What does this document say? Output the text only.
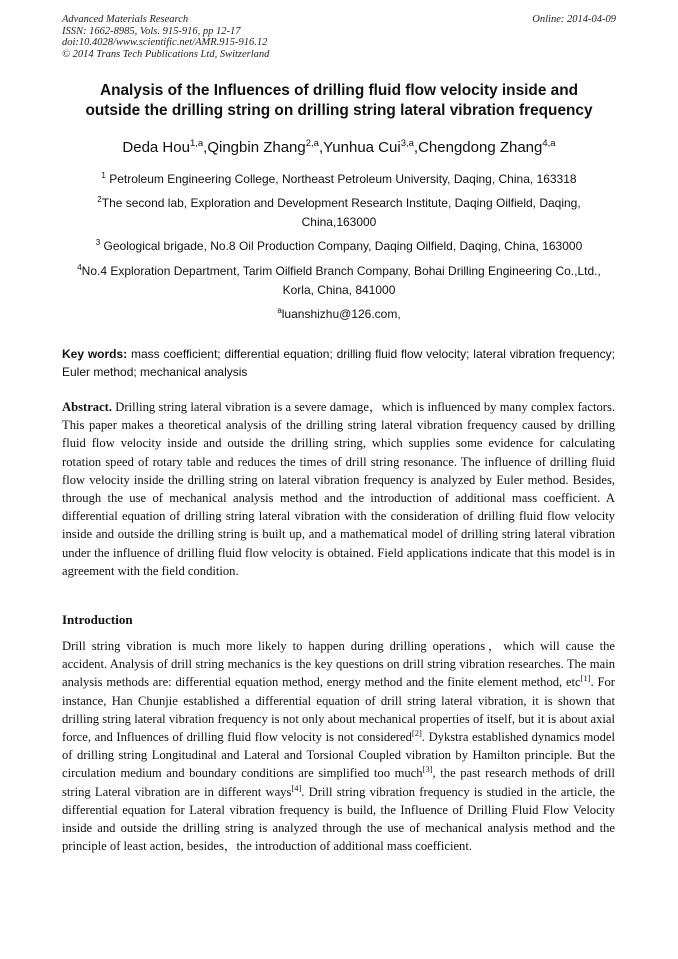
Advanced Materials Research
ISSN: 1662-8985, Vols. 915-916, pp 12-17
doi:10.4028/www.scientific.net/AMR.915-916.12
© 2014 Trans Tech Publications Ltd, Switzerland
Online: 2014-04-09
Analysis of the Influences of drilling fluid flow velocity inside and
outside the drilling string on drilling string lateral vibration frequency
Deda Hou$^{1,a}$,Qingbin Zhang$^{2,a}$,Yunhua Cui$^{3,a}$,Chengdong Zhang$^{4,a}$
$^1$ Petroleum Engineering College, Northeast Petroleum University, Daqing, China, 163318
$^2$The second lab, Exploration and Development Research Institute, Daqing Oilfield, Daqing,
China,163000
$^3$ Geological brigade, No.8 Oil Production Company, Daqing Oilfield, Daqing, China, 163000
$^4$No.4 Exploration Department, Tarim Oilfield Branch Company, Bohai Drilling Engineering Co.,Ltd.,
Korla, China, 841000
$^a$luanshizhu@126.com,
Key words: mass coefficient; differential equation; drilling fluid flow velocity; lateral vibration frequency; Euler method; mechanical analysis
Abstract. Drilling string lateral vibration is a severe damage，which is influenced by many complex factors. This paper makes a theoretical analysis of the drilling string lateral vibration frequency caused by drilling fluid flow velocity inside and outside the drilling string, which supplies some evidence for calculating rotation speed of rotary table and reduces the times of drill string resonance. The influence of drilling fluid flow velocity inside the drilling string on lateral vibration frequency is analyzed by Euler method. Besides, through the use of mechanical analysis method and the introduction of additional mass coefficient. A differential equation of drilling string lateral vibration with the consideration of drilling fluid flow velocity inside and outside the drilling string is built up, and a mathematical model of drilling string lateral vibration under the influence of drilling fluid flow velocity is obtained. Field applications indicate that this model is in agreement with the field condition.
Introduction
Drill string vibration is much more likely to happen during drilling operations，which will cause the accident. Analysis of drill string mechanics is the key questions on drill string vibration researches. The main analysis methods are: differential equation method, energy method and the finite element method, etc[1]. For instance, Han Chunjie established a differential equation of drill string lateral vibration, it is shown that drilling string lateral vibration frequency is not only about mechanical properties of itself, but it is about axial force, and Influences of drilling fluid flow velocity is not considered[2]. Dykstra established dynamics model of drilling string Longitudinal and Lateral and Torsional Coupled vibration by Hamilton principle. But the circulation medium and boundary conditions are simplified too much[3], the past research methods of drill string Lateral vibration are in different ways[4]. Drill string vibration frequency is studied in the article, the differential equation for Lateral vibration frequency is build, the Influence of Drilling Fluid Flow Velocity inside and outside the drilling string is analyzed through the use of mechanical analysis method and the principle of least action, besides，the introduction of additional mass coefficient.
